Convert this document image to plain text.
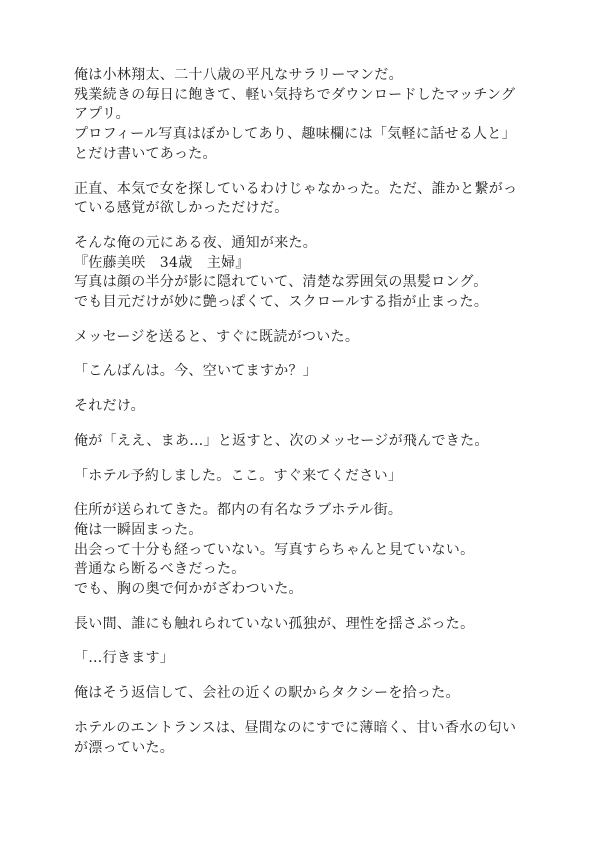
俺は小林翔太、二十八歳の平凡なサラリーマンだ。
残業続きの毎日に飽きて、軽い気持ちでダウンロードしたマッチング
アプリ。
プロフィール写真はぼかしてあり、趣味欄には「気軽に話せる人と」
とだけ書いてあった。

正直、本気で女を探しているわけじゃなかった。ただ、誰かと繋がっ
ている感覚が欲しかっただけだ。

そんな俺の元にある夜、通知が来た。
『佐藤美咲　34歳　主婦』
写真は顔の半分が影に隠れていて、清楚な雰囲気の黒髪ロング。
でも目元だけが妙に艶っぽくて、スクロールする指が止まった。

メッセージを送ると、すぐに既読がついた。

「こんばんは。今、空いてますか？」

それだけ。

俺が「ええ、まあ…」と返すと、次のメッセージが飛んできた。

「ホテル予約しました。ここ。すぐ来てください」

住所が送られてきた。都内の有名なラブホテル街。
俺は一瞬固まった。
出会って十分も経っていない。写真すらちゃんと見ていない。
普通なら断るべきだった。
でも、胸の奥で何かがざわついた。

長い間、誰にも触れられていない孤独が、理性を揺さぶった。

「…行きます」

俺はそう返信して、会社の近くの駅からタクシーを拾った。

ホテルのエントランスは、昼間なのにすでに薄暗く、甘い香水の匂い
が漂っていた。
